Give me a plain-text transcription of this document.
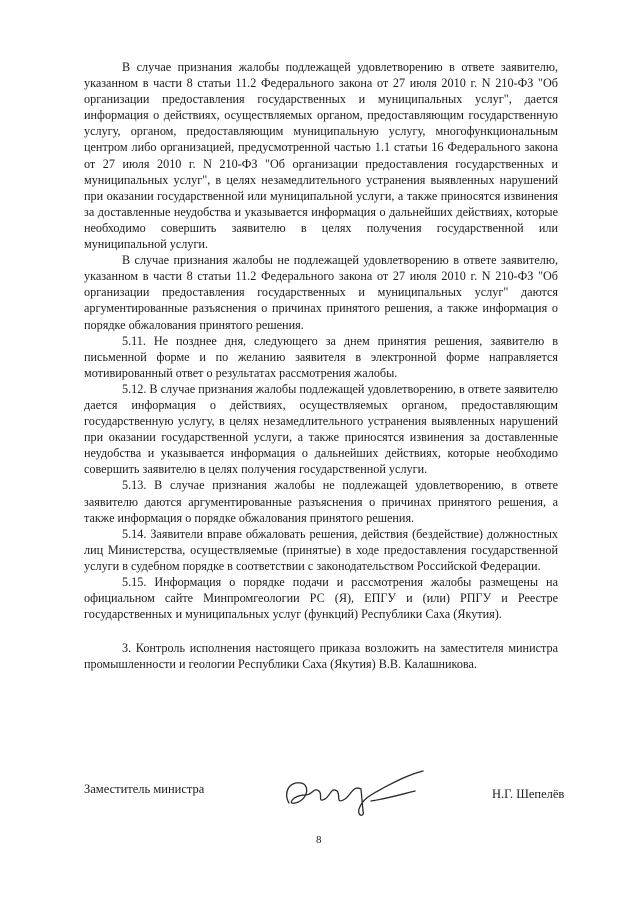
В случае признания жалобы подлежащей удовлетворению в ответе заявителю, указанном в части 8 статьи 11.2 Федерального закона от 27 июля 2010 г. N 210-ФЗ "Об организации предоставления государственных и муниципальных услуг", дается информация о действиях, осуществляемых органом, предоставляющим государственную услугу, органом, предоставляющим муниципальную услугу, многофункциональным центром либо организацией, предусмотренной частью 1.1 статьи 16 Федерального закона от 27 июля 2010 г. N 210-ФЗ "Об организации предоставления государственных и муниципальных услуг", в целях незамедлительного устранения выявленных нарушений при оказании государственной или муниципальной услуги, а также приносятся извинения за доставленные неудобства и указывается информация о дальнейших действиях, которые необходимо совершить заявителю в целях получения государственной или муниципальной услуги.

В случае признания жалобы не подлежащей удовлетворению в ответе заявителю, указанном в части 8 статьи 11.2 Федерального закона от 27 июля 2010 г. N 210-ФЗ "Об организации предоставления государственных и муниципальных услуг" даются аргументированные разъяснения о причинах принятого решения, а также информация о порядке обжалования принятого решения.

5.11. Не позднее дня, следующего за днем принятия решения, заявителю в письменной форме и по желанию заявителя в электронной форме направляется мотивированный ответ о результатах рассмотрения жалобы.

5.12. В случае признания жалобы подлежащей удовлетворению, в ответе заявителю дается информация о действиях, осуществляемых органом, предоставляющим государственную услугу, в целях незамедлительного устранения выявленных нарушений при оказании государственной услуги, а также приносятся извинения за доставленные неудобства и указывается информация о дальнейших действиях, которые необходимо совершить заявителю в целях получения государственной услуги.

5.13. В случае признания жалобы не подлежащей удовлетворению, в ответе заявителю даются аргументированные разъяснения о причинах принятого решения, а также информация о порядке обжалования принятого решения.

5.14. Заявители вправе обжаловать решения, действия (бездействие) должностных лиц Министерства, осуществляемые (принятые) в ходе предоставления государственной услуги в судебном порядке в соответствии с законодательством Российской Федерации.

5.15. Информация о порядке подачи и рассмотрения жалобы размещены на официальном сайте Минпромгеологии РС (Я), ЕПГУ и (или) РПГУ и Реестре государственных и муниципальных услуг (функций) Республики Саха (Якутия).

3. Контроль исполнения настоящего приказа возложить на заместителя министра промышленности и геологии Республики Саха (Якутия) В.В. Калашникова.

Заместитель министра	Н.Г. Шепелёв
8
